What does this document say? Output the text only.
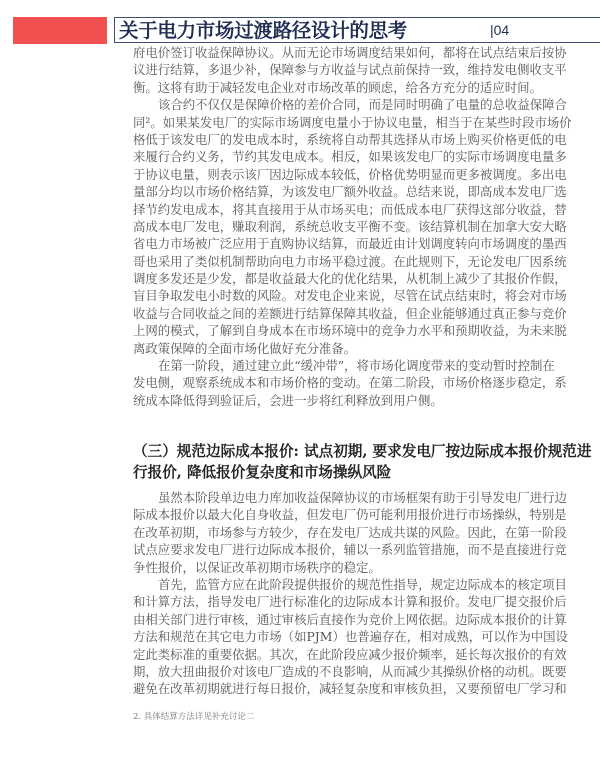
关于电力市场过渡路径设计的思考	|04
府电价签订收益保障协议。从而无论市场调度结果如何，都将在试点结束后按协
议进行结算，多退少补，保障参与方收益与试点前保持一致，维持发电侧收支平
衡。这将有助于减轻发电企业对市场改革的顾虑，给各方充分的适应时间。
该合约不仅仅是保障价格的差价合同，而是同时明确了电量的总收益保障合
同²。如果某发电厂的实际市场调度电量小于协议电量，相当于在某些时段市场价
格低于该发电厂的发电成本时，系统将自动帮其选择从市场上购买价格更低的电
来履行合约义务，节约其发电成本。相反，如果该发电厂的实际市场调度电量多
于协议电量，则表示该厂因边际成本较低，价格优势明显而更多被调度。多出电
量部分均以市场价格结算，为该发电厂额外收益。总结来说，即高成本发电厂选
择节约发电成本，将其直接用于从市场买电；而低成本电厂获得这部分收益，替
高成本电厂发电，赚取利润，系统总收支平衡不变。该结算机制在加拿大安大略
省电力市场被广泛应用于直购协议结算，而最近由计划调度转向市场调度的墨西
哥也采用了类似机制帮助向电力市场平稳过渡。在此规则下，无论发电厂因系统
调度多发还是少发，都是收益最大化的优化结果，从机制上减少了其报价作假，
盲目争取发电小时数的风险。对发电企业来说，尽管在试点结束时，将会对市场
收益与合同收益之间的差额进行结算保障其收益，但企业能够通过真正参与竞价
上网的模式，了解到自身成本在市场环境中的竞争力水平和预期收益，为未来脱
离政策保障的全面市场化做好充分准备。
在第一阶段，通过建立此“缓冲带”，将市场化调度带来的变动暂时控制在
发电侧，观察系统成本和市场价格的变动。在第二阶段，市场价格逐步稳定，系
统成本降低得到验证后，会进一步将红利释放到用户侧。
（三）规范边际成本报价: 试点初期, 要求发电厂按边际成本报价规范进
行报价, 降低报价复杂度和市场操纵风险
虽然本阶段单边电力库加收益保障协议的市场框架有助于引导发电厂进行边
际成本报价以最大化自身收益，但发电厂仍可能利用报价进行市场操纵，特别是
在改革初期，市场参与方较少，存在发电厂达成共谋的风险。因此，在第一阶段
试点应要求发电厂进行边际成本报价，辅以一系列监管措施，而不是直接进行竞
争性报价，以保证改革初期市场秩序的稳定。
首先，监管方应在此阶段提供报价的规范性指导，规定边际成本的核定项目
和计算方法，指导发电厂进行标准化的边际成本计算和报价。发电厂提交报价后
由相关部门进行审核，通过审核后直接作为竞价上网依据。边际成本报价的计算
方法和规范在其它电力市场（如PJM）也普遍存在，相对成熟，可以作为中国设
定此类标准的重要依据。其次，在此阶段应减少报价频率，延长每次报价的有效
期，放大扭曲报价对该电厂造成的不良影响，从而减少其操纵价格的动机。既要
避免在改革初期就进行每日报价，减轻复杂度和审核负担，又要预留电厂学习和
2. 具体结算方法详见补充讨论二
